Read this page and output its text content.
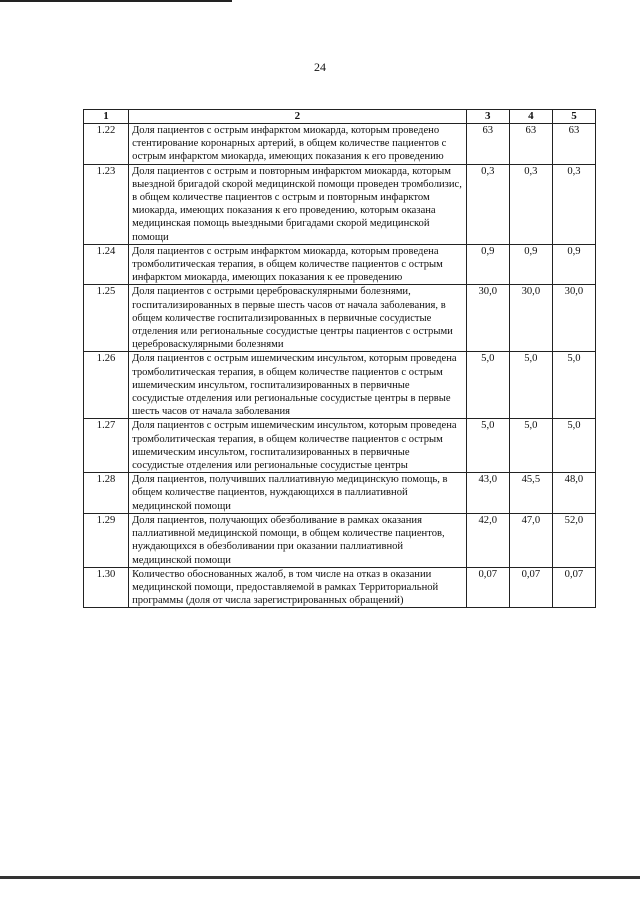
24
1	2	3	4	5
1.22	Доля пациентов с острым инфарктом миокарда, которым проведено стентирование коронарных артерий, в общем количестве пациентов с острым инфарктом миокарда, имеющих показания к его проведению	63	63	63
1.23	Доля пациентов с острым и повторным инфарктом миокарда, которым выездной бригадой скорой медицинской помощи проведен тромболизис, в общем количестве пациентов с острым и повторным инфарктом миокарда, имеющих показания к его проведению, которым оказана медицинская помощь выездными бригадами скорой медицинской помощи	0,3	0,3	0,3
1.24	Доля пациентов с острым инфарктом миокарда, которым проведена тромболитическая терапия, в общем количестве пациентов с острым инфарктом миокарда, имеющих показания к ее проведению	0,9	0,9	0,9
1.25	Доля пациентов с острыми цереброваскулярными болезнями, госпитализированных в первые шесть часов от начала заболевания, в общем количестве госпитализированных в первичные сосудистые отделения или региональные сосудистые центры пациентов с острыми цереброваскулярными болезнями	30,0	30,0	30,0
1.26	Доля пациентов с острым ишемическим инсультом, которым проведена тромболитическая терапия, в общем количестве пациентов с острым ишемическим инсультом, госпитализированных в первичные сосудистые отделения или региональные сосудистые центры в первые шесть часов от начала заболевания	5,0	5,0	5,0
1.27	Доля пациентов с острым ишемическим инсультом, которым проведена тромболитическая терапия, в общем количестве пациентов с острым ишемическим инсультом, госпитализированных в первичные сосудистые отделения или региональные сосудистые центры	5,0	5,0	5,0
1.28	Доля пациентов, получивших паллиативную медицинскую помощь, в общем количестве пациентов, нуждающихся в паллиативной медицинской помощи	43,0	45,5	48,0
1.29	Доля пациентов, получающих обезболивание в рамках оказания паллиативной медицинской помощи, в общем количестве пациентов, нуждающихся в обезболивании при оказании паллиативной медицинской помощи	42,0	47,0	52,0
1.30	Количество обоснованных жалоб, в том числе на отказ в оказании медицинской помощи, предоставляемой в рамках Территориальной программы (доля от числа зарегистрированных обращений)	0,07	0,07	0,07
